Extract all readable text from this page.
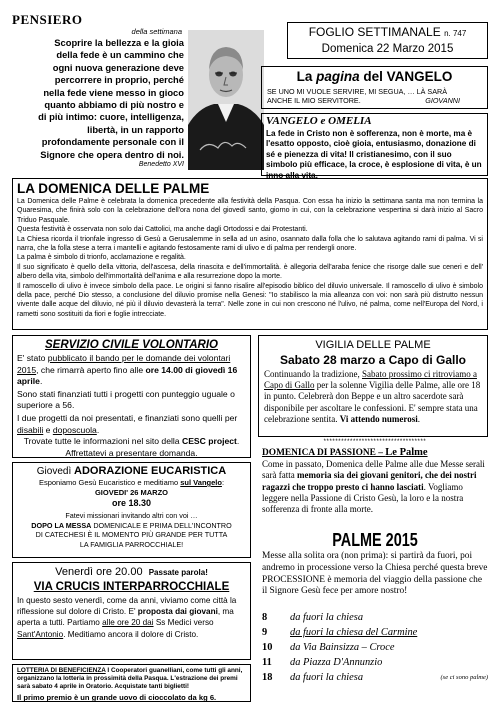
PENSIERO
della settimana
Scoprire la bellezza e la gioia
della fede è un cammino che
ogni nuova generazione deve
percorrere in proprio, perché
nella fede viene messo in gioco
quanto abbiamo di più nostro e
di più intimo: cuore, intelligenza,
libertà, in un rapporto
profondamente personale con il
Signore che opera dentro di noi.
Benedetto XVI
FOGLIO SETTIMANALE n. 747
Domenica 22 Marzo 2015
La pagina del VANGELO
SE UNO MI VUOLE SERVIRE, MI SEGUA, … LÀ SARÀ
ANCHE IL MIO SERVITORE.	GIOVANNI
VANGELO e OMELIA
La fede in Cristo non è sofferenza, non è morte, ma è l'esatto opposto, cioè gioia, entusiasmo, donazione di sé e pienezza di vita! Il cristianesimo, con il suo simbolo più efficace, la croce, è esplosione di vita, è un inno alla vita.
LA DOMENICA DELLE PALME
La Domenica delle Palme è celebrata la domenica precedente alla festività della Pasqua. Con essa ha inizio la settimana santa ma non termina la Quaresima, che finirà solo con la celebrazione dell'ora nona del giovedì santo, giorno in cui, con la celebrazione vespertina si darà inizio al Sacro Triduo Pasquale.
Questa festività è osservata non solo dai Cattolici, ma anche dagli Ortodossi e dai Protestanti.
La Chiesa ricorda il trionfale ingresso di Gesù a Gerusalemme in sella ad un asino, osannato dalla folla che lo salutava agitando rami di palma. Vi si narra, che la folla stese a terra i mantelli e agitando festosamente rami di ulivo e di palma per rendergli onore.
La palma è simbolo di trionfo, acclamazione e regalità.
Il suo significato è quello della vittoria, dell'ascesa, della rinascita e dell'immortalità. è allegoria dell'araba fenice che risorge dalle sue ceneri e dell' albero della vita, simbolo dell'immortalità dell'anima e alla resurrezione dopo la morte.
Il ramoscello di ulivo è invece simbolo della pace. Le origini si fanno risalire all'episodio biblico del diluvio universale. Il ramoscello di ulivo è simbolo della pace, perché Dio stesso, a conclusione del diluvio promise nella Genesi: "Io stabilisco la mia alleanza con voi: non sarà più distrutto nessun vivente dalle acque del diluvio, né più il diluvio devasterà la terra". Nelle zone in cui non crescono né l'ulivo, né palma, come nell'Europa del Nord, i rametti sono sostituiti da fiori e foglie intrecciate.
SERVIZIO CIVILE VOLONTARIO
E' stato pubblicato il bando per le domande dei volontari 2015, che rimarrà aperto fino alle ore 14.00 di giovedì 16 aprile.
Sono stati finanziati tutti i progetti con punteggio uguale o superiore a 56.
I due progetti da noi presentati, e finanziati sono quelli per disabili e doposcuola.
Trovate tutte le informazioni nel sito della CESC project.
Affrettatevi a presentare domanda.
Giovedì ADORAZIONE EUCARISTICA
Esponiamo Gesù Eucaristico e meditiamo sul Vangelo:
GIOVEDI' 26 MARZO
ore 18.30
Fatevi missionari invitando altri con voi …
DOPO LA MESSA DOMENICALE E PRIMA DELL'INCONTRO
DI CATECHESI È IL MOMENTO PIÙ GRANDE PER TUTTA
LA FAMIGLIA PARROCCHIALE!
Venerdì ore 20.00 Passate parola!
VIA CRUCIS INTERPARROCCHIALE
In questo sesto venerdì, come da anni, viviamo come città la riflessione sul dolore di Cristo. E' proposta dai giovani, ma aperta a tutti. Partiamo alle ore 20 dai Ss Medici verso Sant'Antonio. Meditiamo ancora il dolore di Cristo.
LOTTERIA DI BENEFICIENZA I Cooperatori guanelliani, come tutti gli anni, organizzano la lotteria in prossimità della Pasqua. L'estrazione dei premi sarà sabato 4 aprile in Oratorio. Acquistate tanti biglietti!
Il primo premio è un grande uovo di cioccolato da kg 6.
VIGILIA DELLE PALME
Sabato 28 marzo a Capo di Gallo
Continuando la tradizione, Sabato prossimo ci ritroviamo a Capo di Gallo per la solenne Vigilia delle Palme, alle ore 18 in punto. Celebrerà don Beppe e un altro sacerdote sarà disponibile per ascoltare le confessioni. E' sempre stata una celebrazione sentita. Vi attendo numerosi.
***********************************
DOMENICA DI PASSIONE – Le Palme
Come in passato, Domenica delle Palme alle due Messe serali sarà fatta memoria sia dei giovani genitori, che dei nostri ragazzi che troppo presto ci hanno lasciati. Vogliamo leggere nella Passione di Cristo Gesù, la loro e la nostra sofferenza di fronte alla morte.
PALME 2015
Messe alla solita ora (non prima): si partirà da fuori, poi andremo in processione verso la Chiesa perché questa breve PROCESSIONE è memoria del viaggio della passione che il Signore Gesù fece per amore nostro!
8	da fuori la chiesa
9	da fuori la chiesa del Carmine
10	da Via Bainsizza – Croce
11	da Piazza D'Annunzio
18	da fuori la chiesa	(se ci sono palme)
